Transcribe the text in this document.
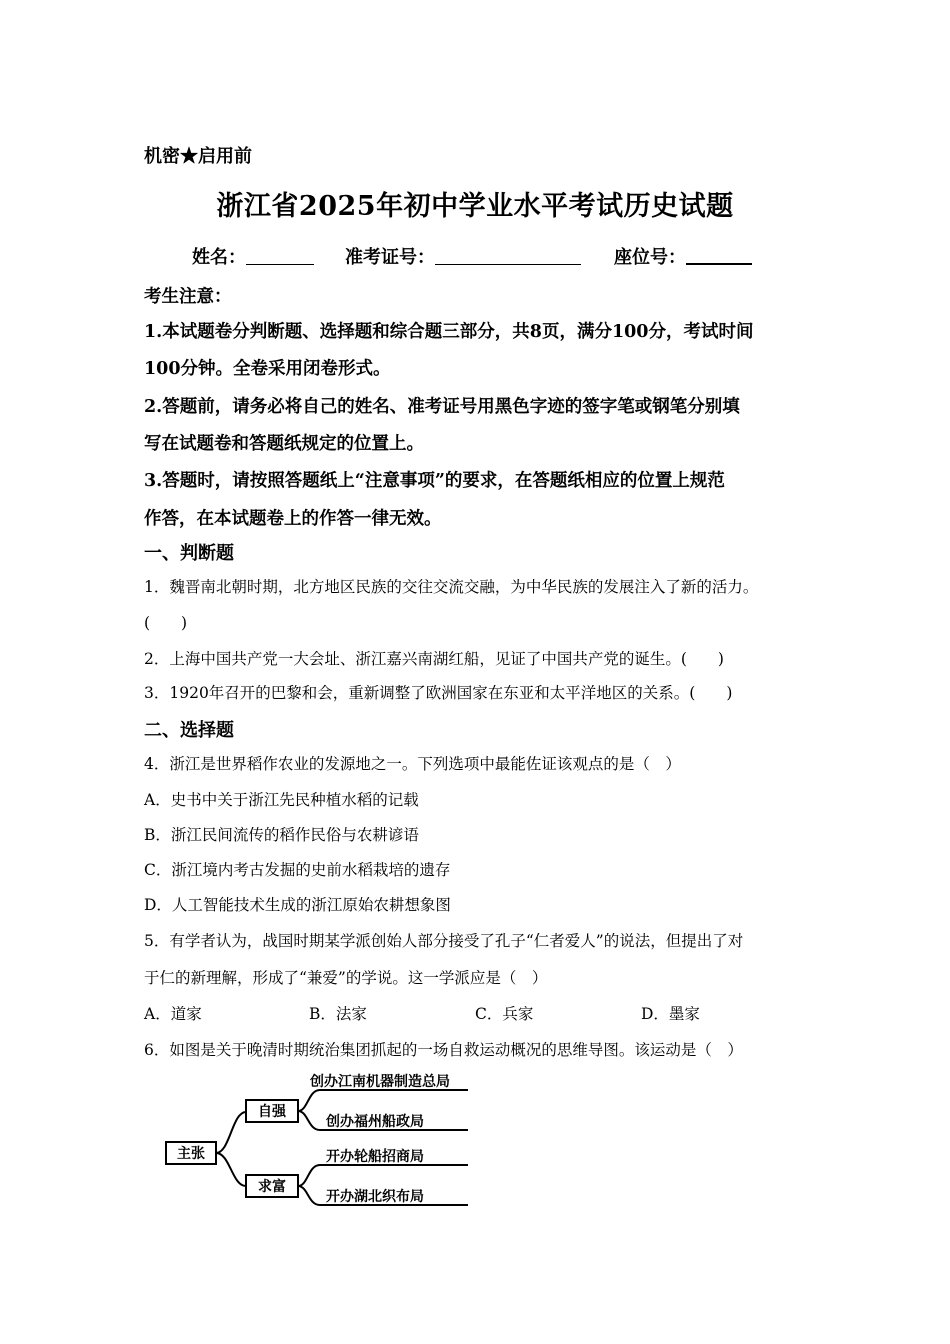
机密★启用前
浙江省2025年初中学业水平考试历史试题
姓名：	准考证号：	座位号：
考生注意：
1.本试题卷分判断题、选择题和综合题三部分，共8页，满分100分，考试时间
100分钟。全卷采用闭卷形式。
2.答题前，请务必将自己的姓名、准考证号用黑色字迹的签字笔或钢笔分别填
写在试题卷和答题纸规定的位置上。
3.答题时，请按照答题纸上“注意事项”的要求，在答题纸相应的位置上规范
作答，在本试题卷上的作答一律无效。
一、判断题
1．魏晋南北朝时期，北方地区民族的交往交流交融，为中华民族的发展注入了新的活力。
(　　)
2．上海中国共产党一大会址、浙江嘉兴南湖红船，见证了中国共产党的诞生。(　　)
3．1920年召开的巴黎和会，重新调整了欧洲国家在东亚和太平洋地区的关系。(　　)
二、选择题
4．浙江是世界稻作农业的发源地之一。下列选项中最能佐证该观点的是（　）
A．史书中关于浙江先民种植水稻的记载
B．浙江民间流传的稻作民俗与农耕谚语
C．浙江境内考古发掘的史前水稻栽培的遗存
D．人工智能技术生成的浙江原始农耕想象图
5．有学者认为，战国时期某学派创始人部分接受了孔子“仁者爱人”的说法，但提出了对
于仁的新理解，形成了“兼爱”的学说。这一学派应是（　）
A．道家	B．法家	C．兵家	D．墨家
6．如图是关于晚清时期统治集团抓起的一场自救运动概况的思维导图。该运动是（　）
主张
自强
求富
创办江南机器制造总局
创办福州船政局
开办轮船招商局
开办湖北织布局
